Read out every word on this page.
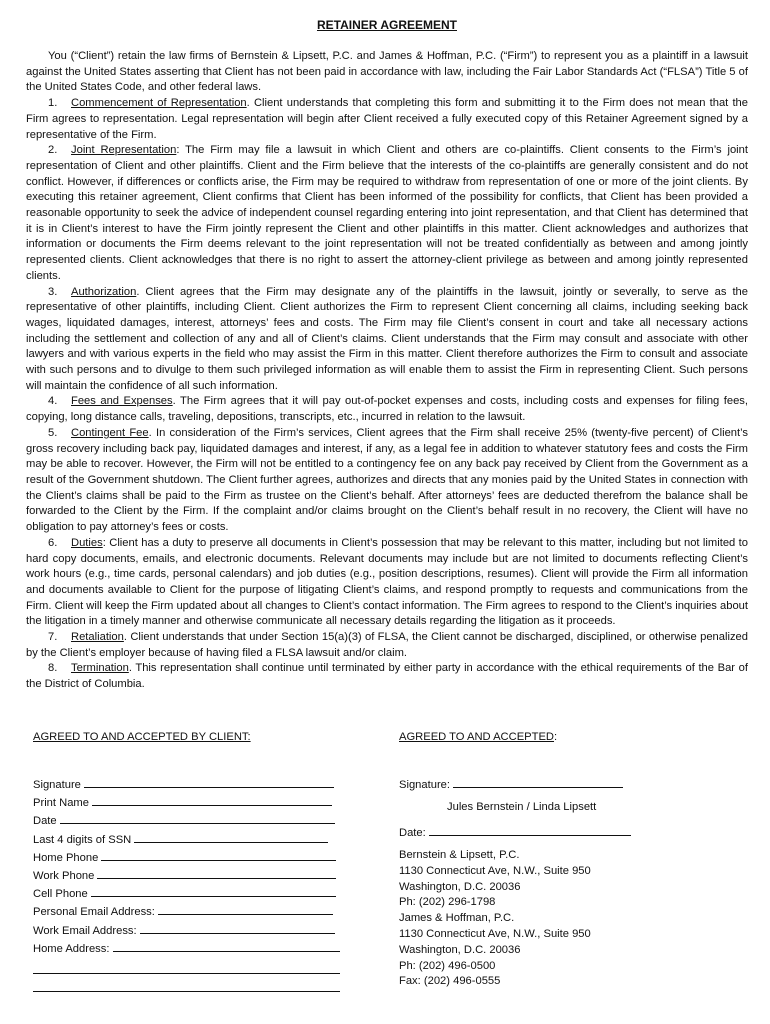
RETAINER AGREEMENT

You (“Client”) retain the law firms of Bernstein & Lipsett, P.C. and James & Hoffman, P.C. (“Firm”) to represent you as a plaintiff in a lawsuit against the United States asserting that Client has not been paid in accordance with law, including the Fair Labor Standards Act (“FLSA”) Title 5 of the United States Code, and other federal laws.

1. Commencement of Representation. Client understands that completing this form and submitting it to the Firm does not mean that the Firm agrees to representation. Legal representation will begin after Client received a fully executed copy of this Retainer Agreement signed by a representative of the Firm.

2. Joint Representation: The Firm may file a lawsuit in which Client and others are co-plaintiffs. Client consents to the Firm’s joint representation of Client and other plaintiffs. Client and the Firm believe that the interests of the co-plaintiffs are generally consistent and do not conflict. However, if differences or conflicts arise, the Firm may be required to withdraw from representation of one or more of the joint clients. By executing this retainer agreement, Client confirms that Client has been informed of the possibility for conflicts, that Client has been provided a reasonable opportunity to seek the advice of independent counsel regarding entering into joint representation, and that Client has determined that it is in Client’s interest to have the Firm jointly represent the Client and other plaintiffs in this matter. Client acknowledges and authorizes that information or documents the Firm deems relevant to the joint representation will not be treated confidentially as between and among jointly represented clients. Client acknowledges that there is no right to assert the attorney-client privilege as between and among jointly represented clients.

3. Authorization. Client agrees that the Firm may designate any of the plaintiffs in the lawsuit, jointly or severally, to serve as the representative of other plaintiffs, including Client. Client authorizes the Firm to represent Client concerning all claims, including seeking back wages, liquidated damages, interest, attorneys’ fees and costs. The Firm may file Client’s consent in court and take all necessary actions including the settlement and collection of any and all of Client’s claims. Client understands that the Firm may consult and associate with other lawyers and with various experts in the field who may assist the Firm in this matter. Client therefore authorizes the Firm to consult and associate with such persons and to divulge to them such privileged information as will enable them to assist the Firm in representing Client. Such persons will maintain the confidence of all such information.

4. Fees and Expenses. The Firm agrees that it will pay out-of-pocket expenses and costs, including costs and expenses for filing fees, copying, long distance calls, traveling, depositions, transcripts, etc., incurred in relation to the lawsuit.

5. Contingent Fee. In consideration of the Firm’s services, Client agrees that the Firm shall receive 25% (twenty-five percent) of Client’s gross recovery including back pay, liquidated damages and interest, if any, as a legal fee in addition to whatever statutory fees and costs the Firm may be able to recover. However, the Firm will not be entitled to a contingency fee on any back pay received by Client from the Government as a result of the Government shutdown. The Client further agrees, authorizes and directs that any monies paid by the United States in connection with the Client’s claims shall be paid to the Firm as trustee on the Client’s behalf. After attorneys’ fees are deducted therefrom the balance shall be forwarded to the Client by the Firm. If the complaint and/or claims brought on the Client’s behalf result in no recovery, the Client will have no obligation to pay attorney’s fees or costs.

6. Duties: Client has a duty to preserve all documents in Client’s possession that may be relevant to this matter, including but not limited to hard copy documents, emails, and electronic documents. Relevant documents may include but are not limited to documents reflecting Client’s work hours (e.g., time cards, personal calendars) and job duties (e.g., position descriptions, resumes). Client will provide the Firm all information and documents available to Client for the purpose of litigating Client’s claims, and respond promptly to requests and communications from the Firm. Client will keep the Firm updated about all changes to Client’s contact information. The Firm agrees to respond to the Client’s inquiries about the litigation in a timely manner and otherwise communicate all necessary details regarding the litigation as it proceeds.

7. Retaliation. Client understands that under Section 15(a)(3) of FLSA, the Client cannot be discharged, disciplined, or otherwise penalized by the Client’s employer because of having filed a FLSA lawsuit and/or claim.

8. Termination. This representation shall continue until terminated by either party in accordance with the ethical requirements of the Bar of the District of Columbia.

AGREED TO AND ACCEPTED BY CLIENT:
Signature
Print Name
Date
Last 4 digits of SSN
Home Phone
Work Phone
Cell Phone
Personal Email Address:
Work Email Address:
Home Address:
AGREED TO AND ACCEPTED:
Signature:
Jules Bernstein / Linda Lipsett
Date:
Bernstein & Lipsett, P.C.
1130 Connecticut Ave, N.W., Suite 950
Washington, D.C. 20036
Ph: (202) 296-1798
James & Hoffman, P.C.
1130 Connecticut Ave, N.W., Suite 950
Washington, D.C. 20036
Ph: (202) 496-0500
Fax: (202) 496-0555
